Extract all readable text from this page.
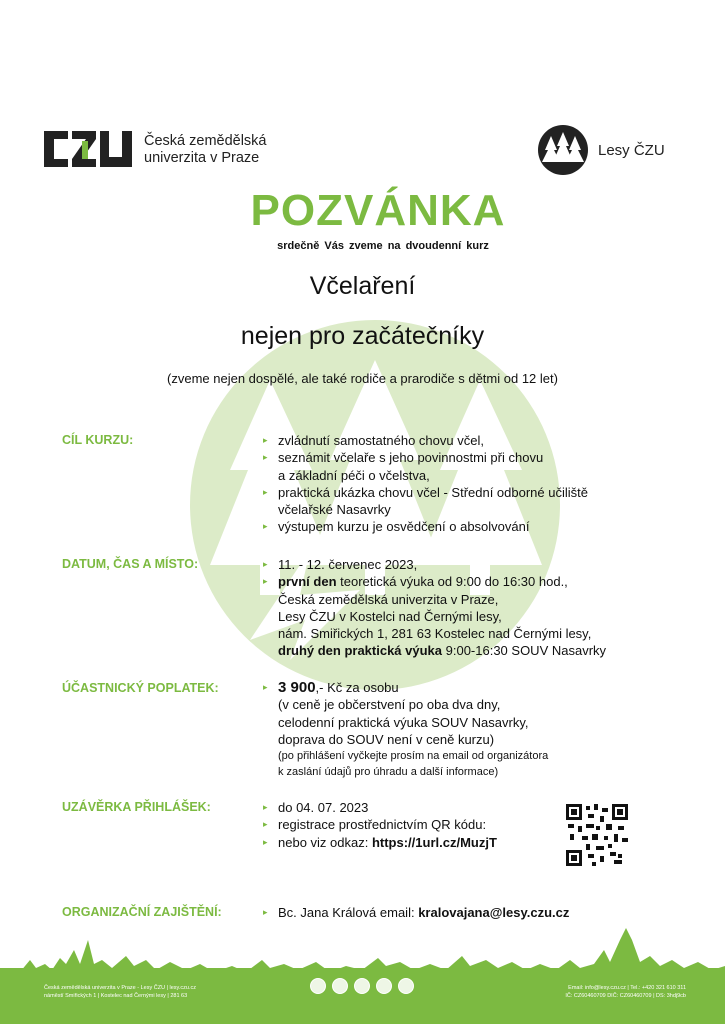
Česká zemědělská
univerzita v Praze	Lesy ČZU
POZVÁNKA
srdečně Vás zveme na dvoudenní kurz
Včelaření
nejen pro začátečníky
(zveme nejen dospělé, ale také rodiče a prarodiče s dětmi od 12 let)
CÍL KURZU:	▸ zvládnutí samostatného chovu včel,
▸ seznámit včelaře s jeho povinnostmi při chovu
a základní péči o včelstva,
▸ praktická ukázka chovu včel - Střední odborné učiliště
včelařské Nasavrky
▸ výstupem kurzu je osvědčení o absolvování
DATUM, ČAS A MÍSTO:	▸ 11. - 12. červenec 2023,
▸ první den teoretická výuka od 9:00 do 16:30 hod.,
Česká zemědělská univerzita v Praze,
Lesy ČZU v Kostelci nad Černými lesy,
nám. Smiřických 1, 281 63 Kostelec nad Černými lesy,
druhý den praktická výuka 9:00-16:30 SOUV Nasavrky
ÚČASTNICKÝ POPLATEK:	▸ 3 900,- Kč za osobu
(v ceně je občerstvení po oba dva dny,
celodenní praktická výuka SOUV Nasavrky,
doprava do SOUV není v ceně kurzu)
(po přihlášení vyčkejte prosím na email od organizátora
k zaslání údajů pro úhradu a další informace)
UZÁVĚRKA PŘIHLÁŠEK:	▸ do 04. 07. 2023
▸ registrace prostřednictvím QR kódu:
▸ nebo viz odkaz: https://1url.cz/MuzjT
ORGANIZAČNÍ ZAJIŠTĚNÍ:	▸ Bc. Jana Králová email: kralovajana@lesy.czu.cz
Česká zemědělská univerzita v Praze - Lesy ČZU | lesy.czu.cz
náměstí Smiřických 1 | Kostelec nad Černými lesy | 281 63
Email: info@lesy.czu.cz | Tel.: +420 321 610 311
IČ: CZ60460709 DIČ: CZ60460709 | DS: 3hdj9cb
